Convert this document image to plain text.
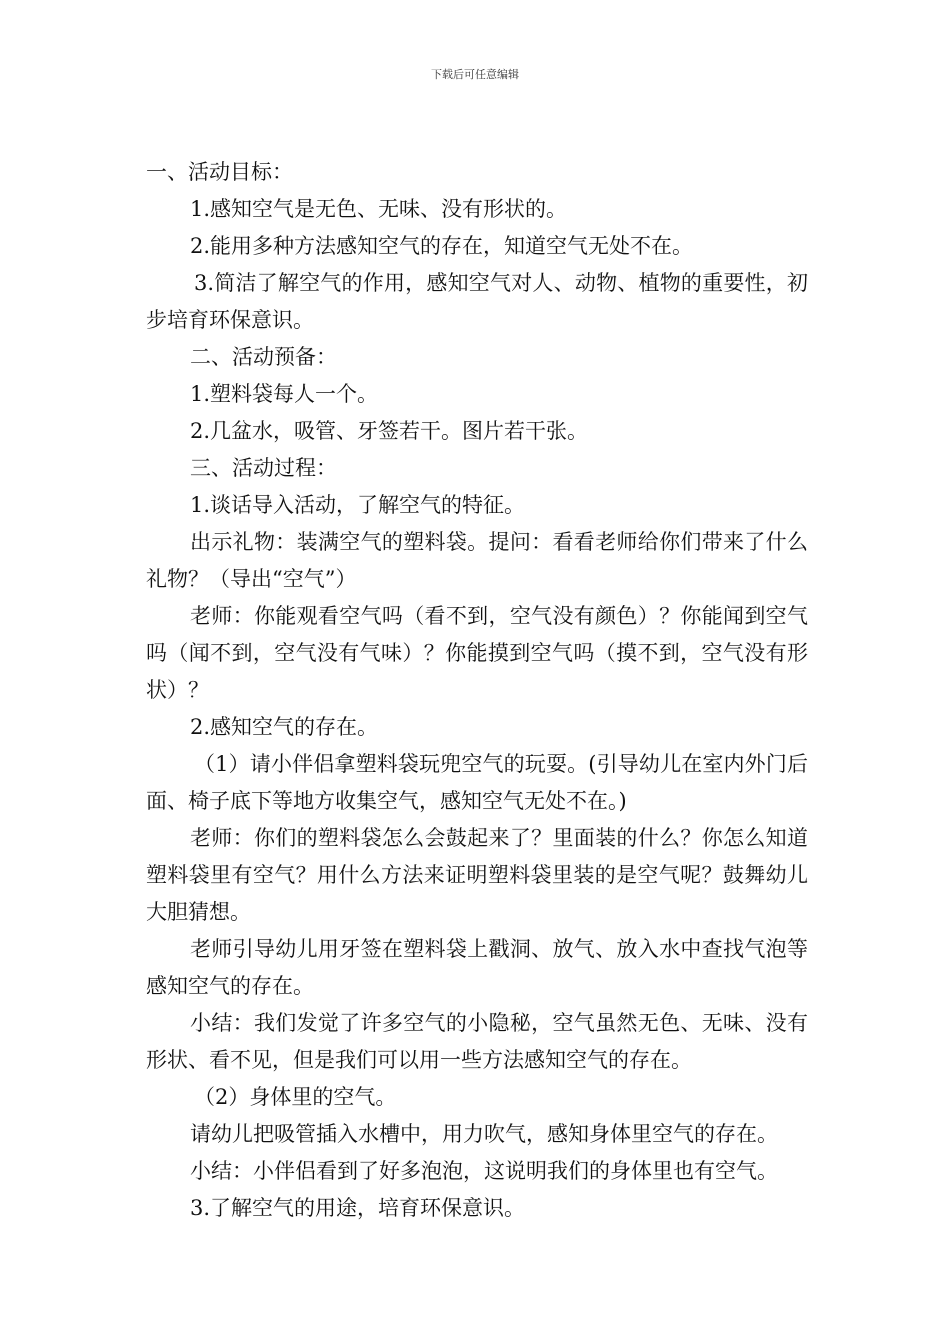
下载后可任意编辑

一、活动目标：

1.感知空气是无色、无味、没有形状的。

2.能用多种方法感知空气的存在，知道空气无处不在。

3.简洁了解空气的作用，感知空气对人、动物、植物的重要性，初步培育环保意识。

二、活动预备：

1.塑料袋每人一个。

2.几盆水，吸管、牙签若干。图片若干张。

三、活动过程：

1.谈话导入活动，了解空气的特征。

出示礼物：装满空气的塑料袋。提问：看看老师给你们带来了什么礼物？（导出“空气”）

老师：你能观看空气吗（看不到，空气没有颜色）？你能闻到空气吗（闻不到，空气没有气味）？你能摸到空气吗（摸不到，空气没有形状）？

2.感知空气的存在。

（1）请小伴侣拿塑料袋玩兜空气的玩耍。(引导幼儿在室内外门后面、椅子底下等地方收集空气，感知空气无处不在。)

老师：你们的塑料袋怎么会鼓起来了？里面装的什么？你怎么知道塑料袋里有空气？用什么方法来证明塑料袋里装的是空气呢？鼓舞幼儿大胆猜想。

老师引导幼儿用牙签在塑料袋上戳洞、放气、放入水中查找气泡等感知空气的存在。

小结：我们发觉了许多空气的小隐秘，空气虽然无色、无味、没有形状、看不见，但是我们可以用一些方法感知空气的存在。

（2）身体里的空气。

请幼儿把吸管插入水槽中，用力吹气，感知身体里空气的存在。

小结：小伴侣看到了好多泡泡，这说明我们的身体里也有空气。

3.了解空气的用途，培育环保意识。
